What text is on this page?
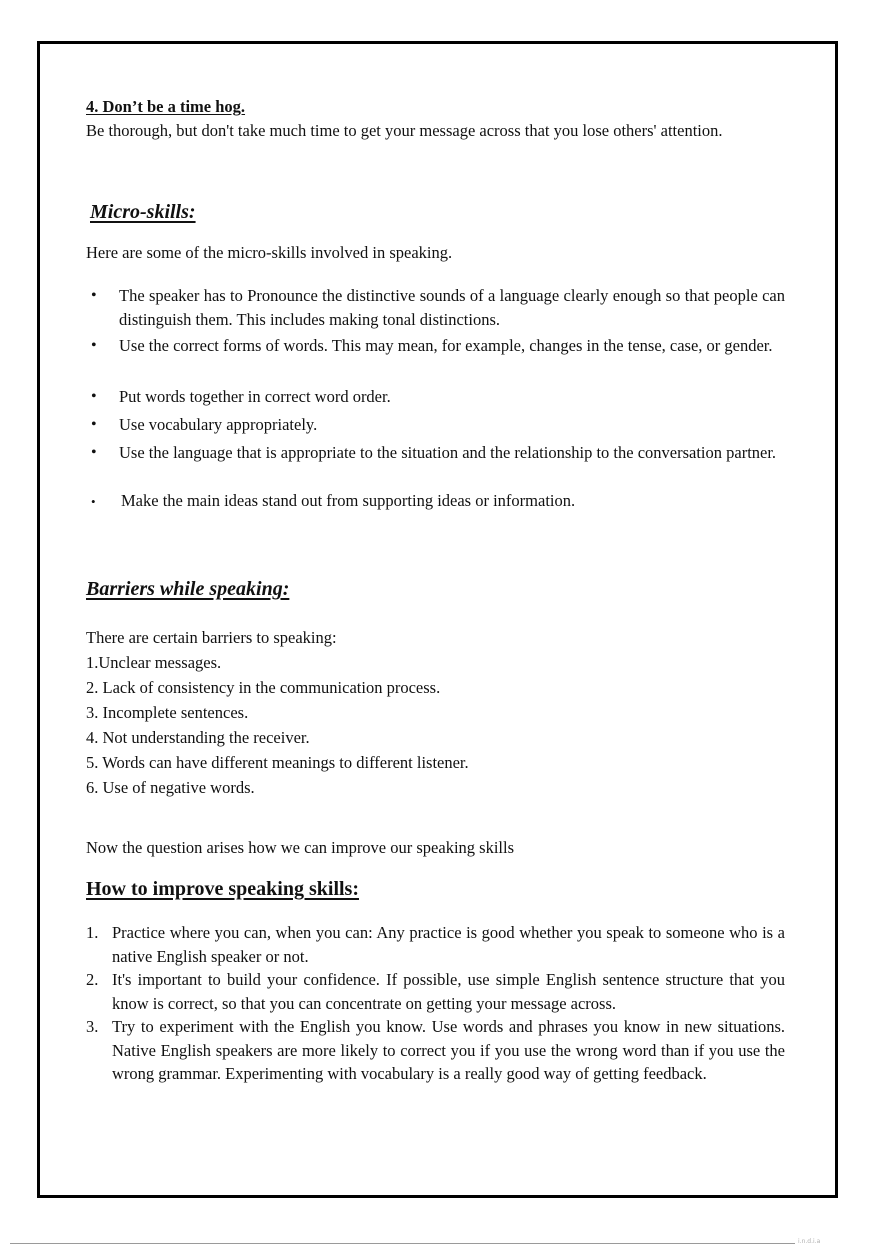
4. Don’t be a time hog.
Be thorough, but don't take much time to get your message across that you lose others' attention.
Micro-skills:
Here are some of the micro-skills involved in speaking.
• The speaker has to Pronounce the distinctive sounds of a language clearly enough so that people can distinguish them. This includes making tonal distinctions.
• Use the correct forms of words. This may mean, for example, changes in the tense, case, or gender.
• Put words together in correct word order.
• Use vocabulary appropriately.
• Use the language that is appropriate to the situation and the relationship to the conversation partner.
• Make the main ideas stand out from supporting ideas or information.
Barriers while speaking:
There are certain barriers to speaking:
1.Unclear messages.
2. Lack of consistency in the communication process.
3. Incomplete sentences.
4. Not understanding the receiver.
5. Words can have different meanings to different listener.
6. Use of negative words.
Now the question arises how we can improve our speaking skills
How to improve speaking skills:
1. Practice where you can, when you can: Any practice is good whether you speak to someone who is a native English speaker or not.
2. It's important to build your confidence. If possible, use simple English sentence structure that you know is correct, so that you can concentrate on getting your message across.
3. Try to experiment with the English you know. Use words and phrases you know in new situations. Native English speakers are more likely to correct you if you use the wrong word than if you use the wrong grammar. Experimenting with vocabulary is a really good way of getting feedback.
i.n.d.i.a
